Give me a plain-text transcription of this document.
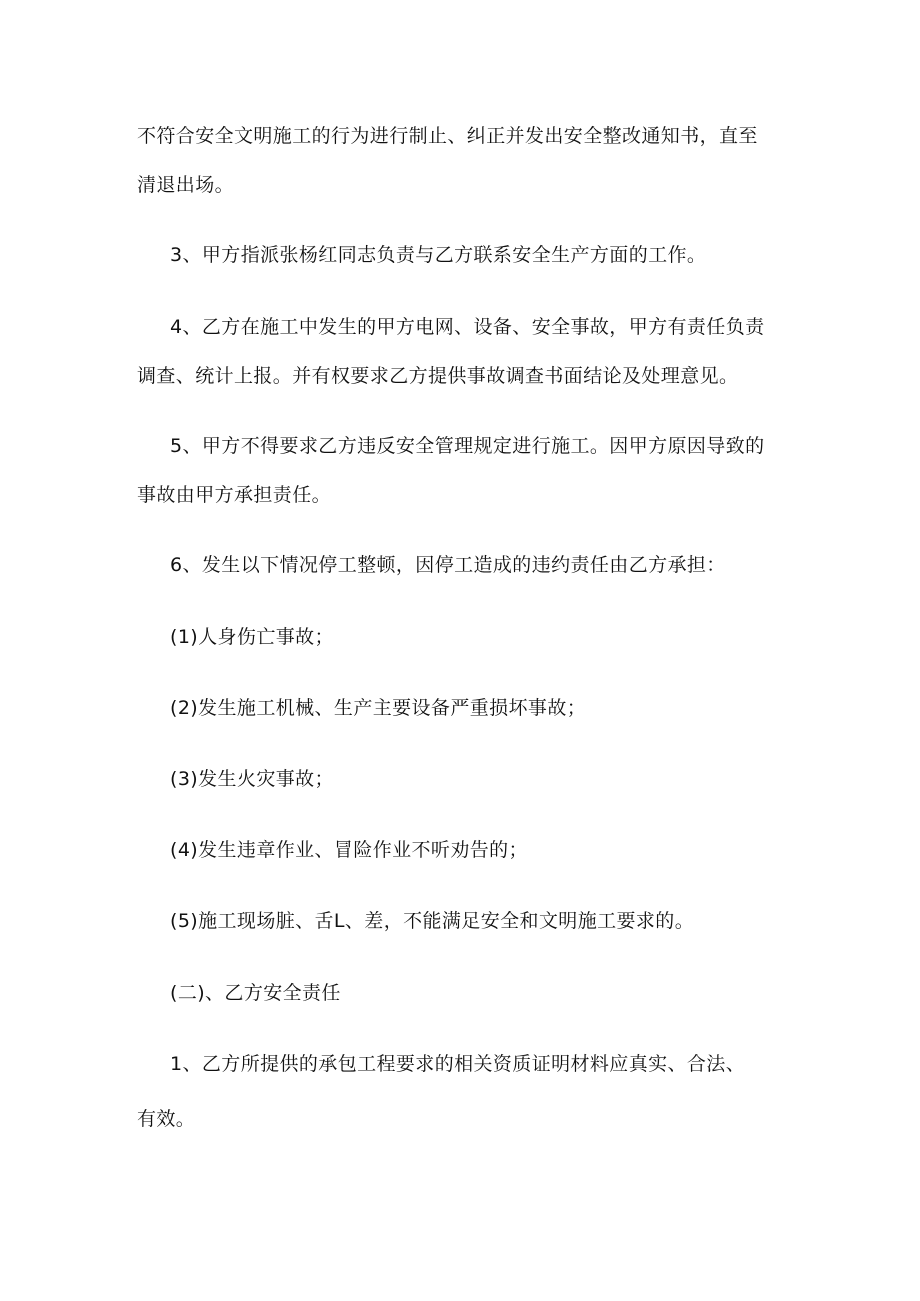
不符合安全文明施工的行为进行制止、纠正并发出安全整改通知书，直至
清退出场。
3、甲方指派张杨红同志负责与乙方联系安全生产方面的工作。
4、乙方在施工中发生的甲方电网、设备、安全事故，甲方有责任负责
调查、统计上报。并有权要求乙方提供事故调查书面结论及处理意见。
5、甲方不得要求乙方违反安全管理规定进行施工。因甲方原因导致的
事故由甲方承担责任。
6、发生以下情况停工整顿，因停工造成的违约责任由乙方承担：
(1)人身伤亡事故；
(2)发生施工机械、生产主要设备严重损坏事故；
(3)发生火灾事故；
(4)发生违章作业、冒险作业不听劝告的；
(5)施工现场脏、舌L、差，不能满足安全和文明施工要求的。
(二)、乙方安全责任
1、乙方所提供的承包工程要求的相关资质证明材料应真实、合法、
有效。
